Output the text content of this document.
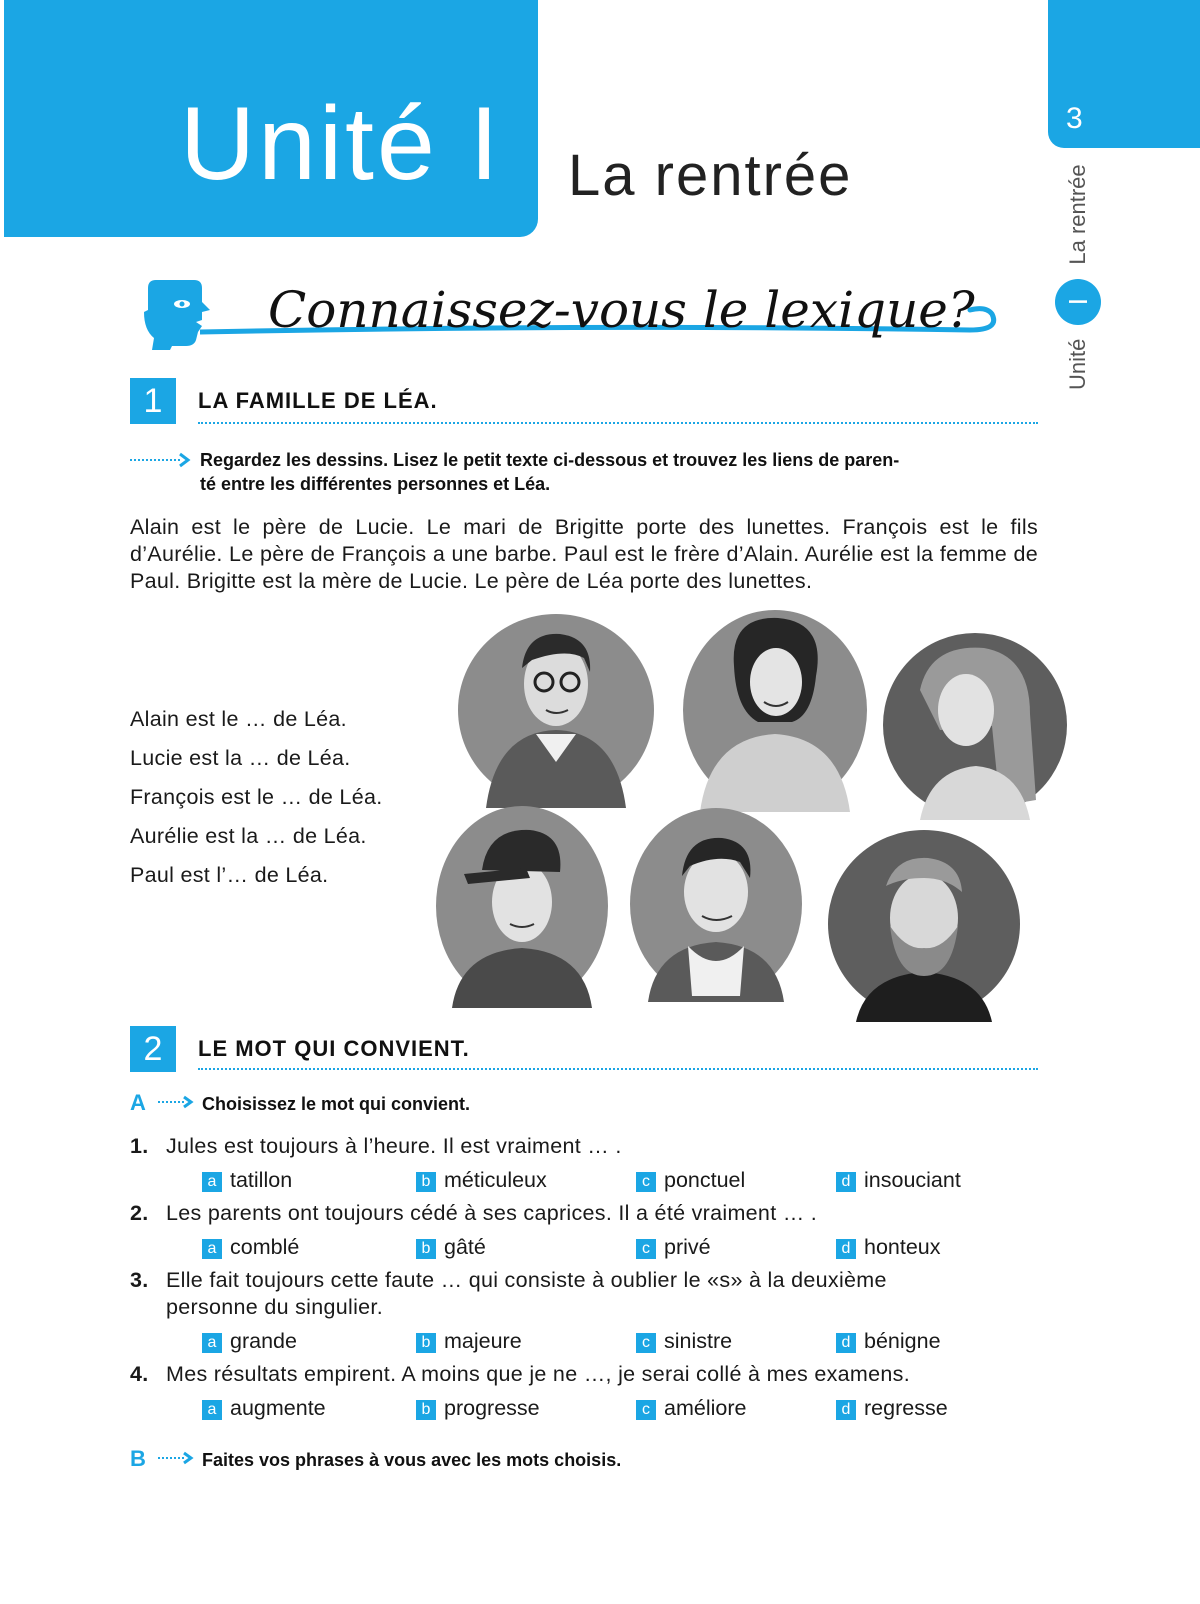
Unité I La rentrée
3
Unité
I
La rentrée
Connaissez-vous le lexique?
1	LA FAMILLE DE LÉA.
Regardez les dessins. Lisez le petit texte ci-dessous et trouvez les liens de paren-
té entre les différentes personnes et Léa.
Alain est le père de Lucie. Le mari de Brigitte porte des lunettes. François est le fils d’Aurélie. Le père de François a une barbe. Paul est le frère d’Alain. Aurélie est la femme de Paul. Brigitte est la mère de Lucie. Le père de Léa porte des lunettes.
Alain est le … de Léa.
Lucie est la … de Léa.
François est le … de Léa.
Aurélie est la … de Léa.
Paul est l’… de Léa.
2	LE MOT QUI CONVIENT.
A	Choisissez le mot qui convient.
1. Jules est toujours à l’heure. Il est vraiment … .
a tatillon	b méticuleux	c ponctuel	d insouciant
2. Les parents ont toujours cédé à ses caprices. Il a été vraiment … .
a comblé	b gâté	c privé	d honteux
3. Elle fait toujours cette faute … qui consiste à oublier le «s» à la deuxième
personne du singulier.
a grande	b majeure	c sinistre	d bénigne
4. Mes résultats empirent. A moins que je ne …, je serai collé à mes examens.
a augmente	b progresse	c améliore	d regresse
B	Faites vos phrases à vous avec les mots choisis.
